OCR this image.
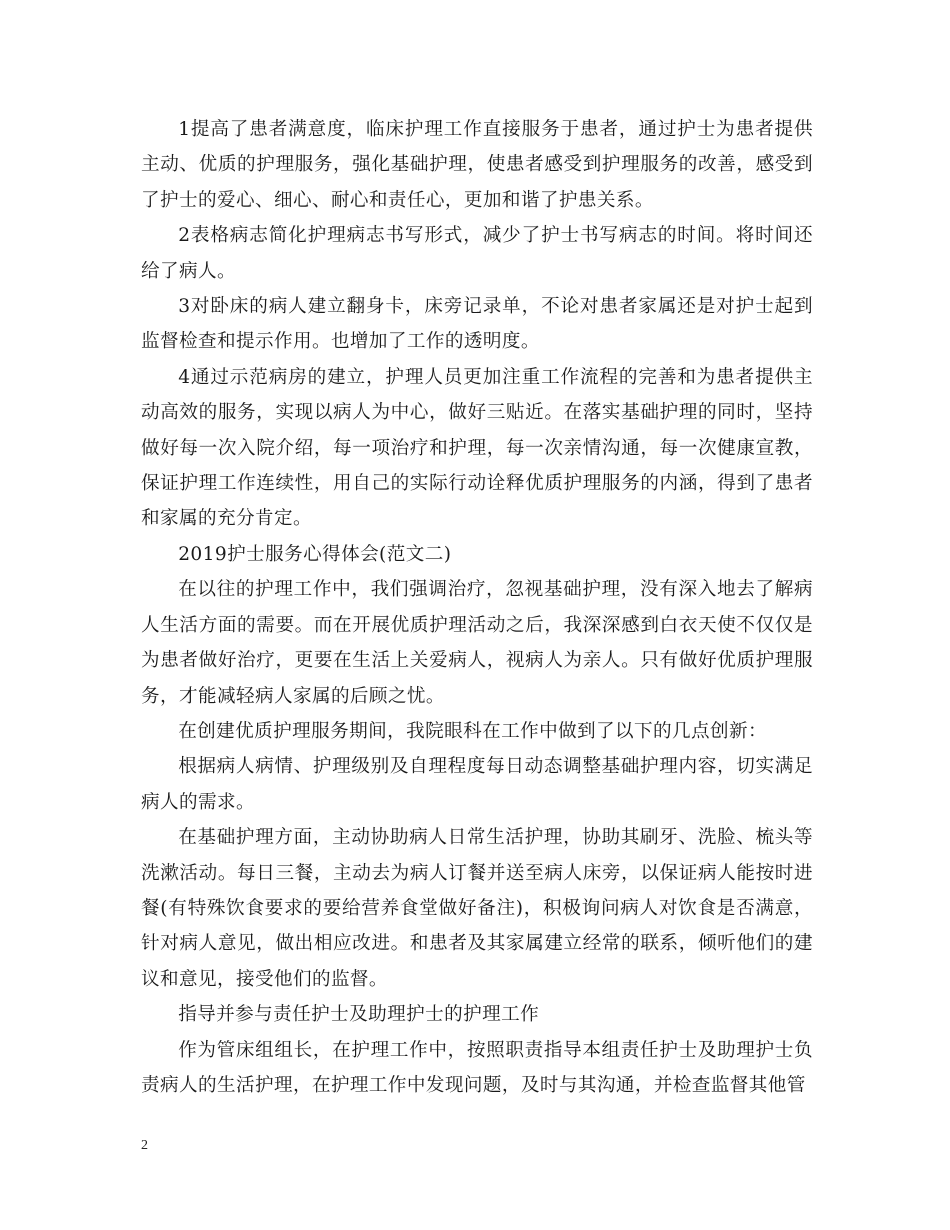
1提高了患者满意度，临床护理工作直接服务于患者，通过护士为患者提供主动、优质的护理服务，强化基础护理，使患者感受到护理服务的改善，感受到了护士的爱心、细心、耐心和责任心，更加和谐了护患关系。

2表格病志简化护理病志书写形式，减少了护士书写病志的时间。将时间还给了病人。

3对卧床的病人建立翻身卡，床旁记录单，不论对患者家属还是对护士起到监督检查和提示作用。也增加了工作的透明度。

4通过示范病房的建立，护理人员更加注重工作流程的完善和为患者提供主动高效的服务，实现以病人为中心，做好三贴近。在落实基础护理的同时，坚持做好每一次入院介绍，每一项治疗和护理，每一次亲情沟通，每一次健康宣教，保证护理工作连续性，用自己的实际行动诠释优质护理服务的内涵，得到了患者和家属的充分肯定。

2019护士服务心得体会(范文二)

在以往的护理工作中，我们强调治疗，忽视基础护理，没有深入地去了解病人生活方面的需要。而在开展优质护理活动之后，我深深感到白衣天使不仅仅是为患者做好治疗，更要在生活上关爱病人，视病人为亲人。只有做好优质护理服务，才能减轻病人家属的后顾之忧。

在创建优质护理服务期间，我院眼科在工作中做到了以下的几点创新：

根据病人病情、护理级别及自理程度每日动态调整基础护理内容，切实满足病人的需求。

在基础护理方面，主动协助病人日常生活护理，协助其刷牙、洗脸、梳头等洗漱活动。每日三餐，主动去为病人订餐并送至病人床旁，以保证病人能按时进餐(有特殊饮食要求的要给营养食堂做好备注)，积极询问病人对饮食是否满意，针对病人意见，做出相应改进。和患者及其家属建立经常的联系，倾听他们的建议和意见，接受他们的监督。

指导并参与责任护士及助理护士的护理工作

作为管床组组长，在护理工作中，按照职责指导本组责任护士及助理护士负责病人的生活护理，在护理工作中发现问题，及时与其沟通，并检查监督其他管

2
